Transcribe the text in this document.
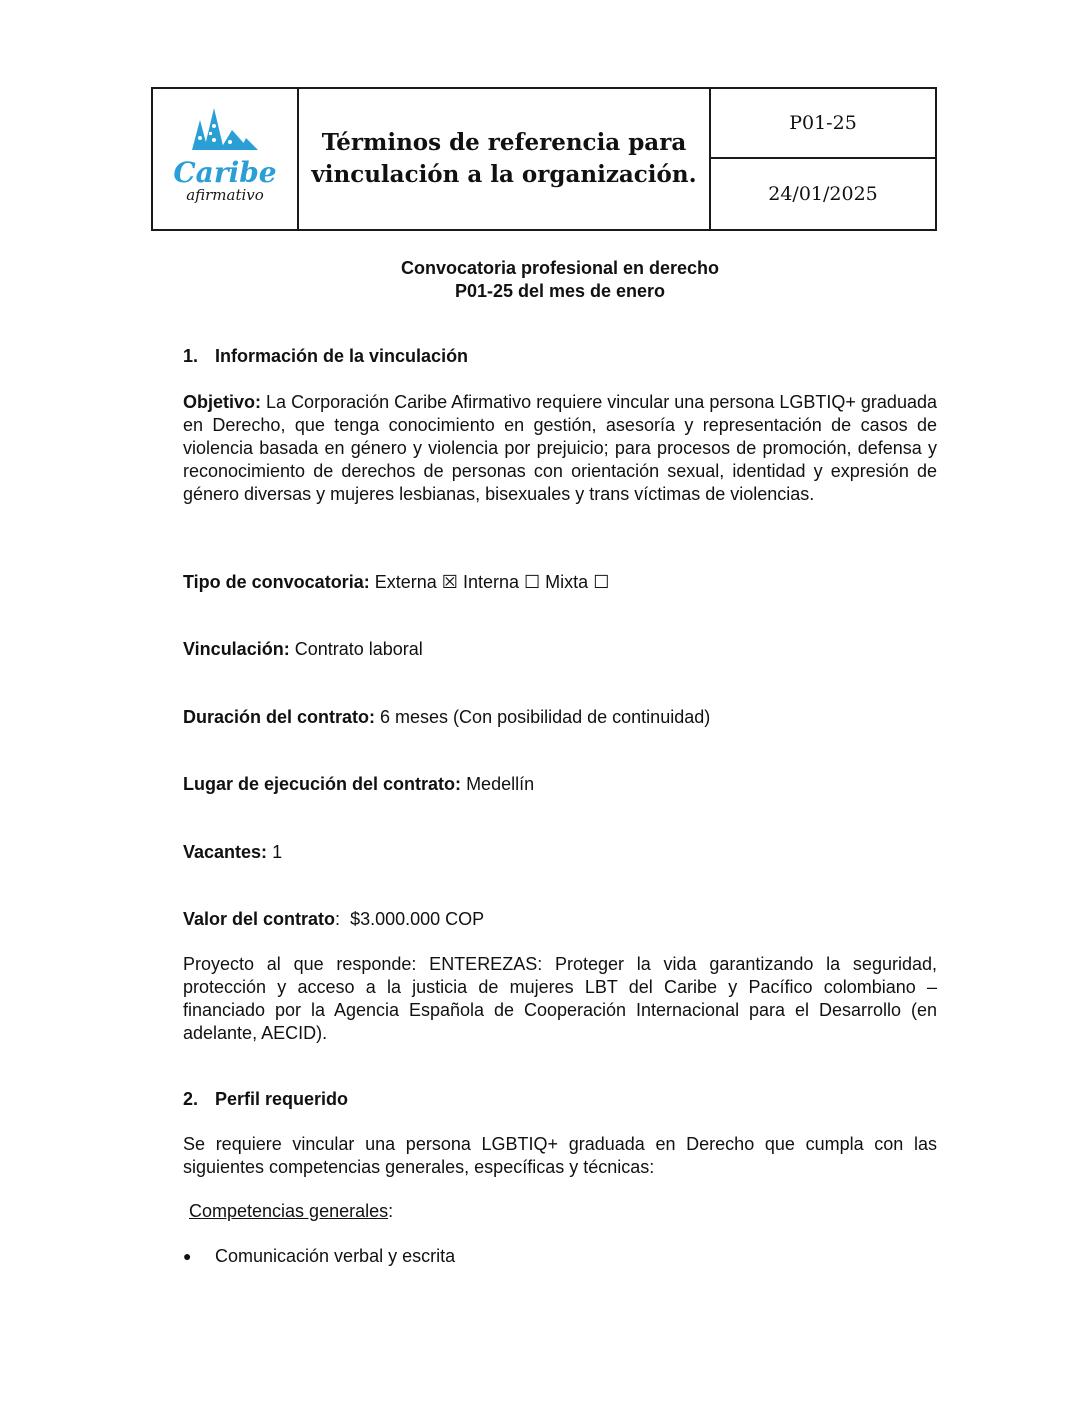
Caribe
afirmativo

Términos de referencia para
vinculación a la organización.
	P01-25
24/01/2025
Convocatoria profesional en derecho
P01-25 del mes de enero
1. Información de la vinculación
Objetivo: La Corporación Caribe Afirmativo requiere vincular una persona LGBTIQ+ graduada en Derecho, que tenga conocimiento en gestión, asesoría y representación de casos de violencia basada en género y violencia por prejuicio; para procesos de promoción, defensa y reconocimiento de derechos de personas con orientación sexual, identidad y expresión de género diversas y mujeres lesbianas, bisexuales y trans víctimas de violencias.
Tipo de convocatoria: Externa ☒ Interna ☐ Mixta ☐
Vinculación: Contrato laboral
Duración del contrato: 6 meses (Con posibilidad de continuidad)
Lugar de ejecución del contrato: Medellín
Vacantes: 1
Valor del contrato:  $3.000.000 COP
Proyecto al que responde: ENTEREZAS: Proteger la vida garantizando la seguridad, protección y acceso a la justicia de mujeres LBT del Caribe y Pacífico colombiano – financiado por la Agencia Española de Cooperación Internacional para el Desarrollo (en adelante, AECID).
2. Perfil requerido
Se requiere vincular una persona LGBTIQ+ graduada en Derecho que cumpla con las siguientes competencias generales, específicas y técnicas:
Competencias generales:
● Comunicación verbal y escrita
